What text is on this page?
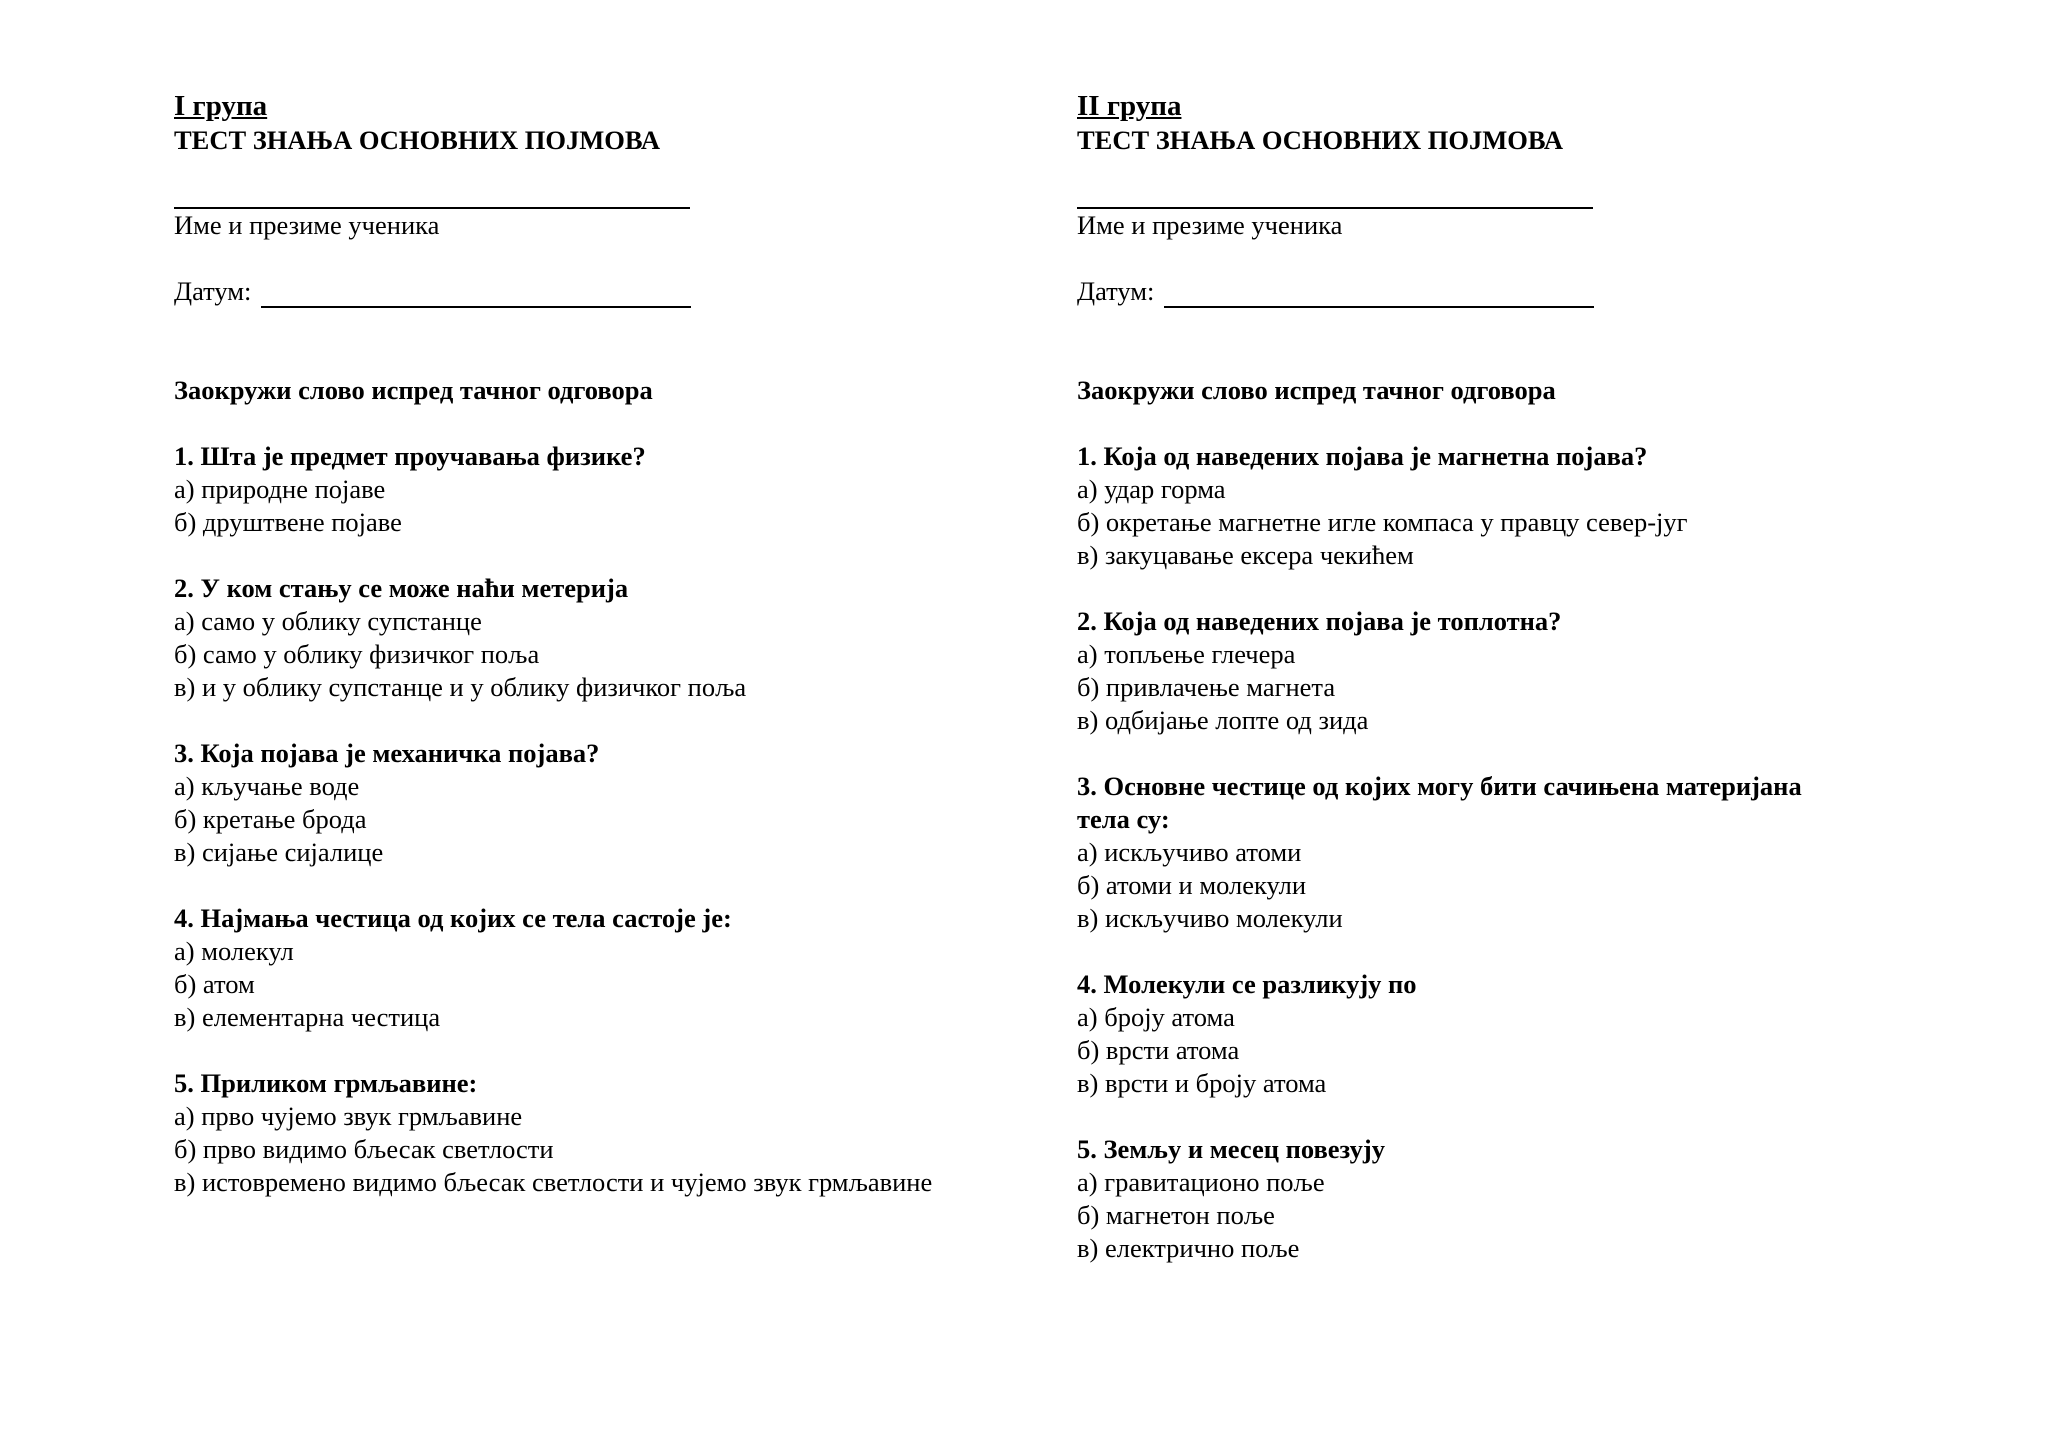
I група

ТЕСТ ЗНАЊА ОСНОВНИХ ПОЈМОВА

Име и презиме ученика

Датум:

Заокружи слово испред тачног одговора

1. Шта је предмет проучавања физике?

а) природне појаве

б) друштвене појаве

2. У ком стању се може наћи метерија

а) само у облику супстанце

б) само у облику физичког поља

в) и у облику супстанце и у облику физичког поља

3. Која појава је механичка појава?

а) кључање воде

б) кретање брода

в) сијање сијалице

4. Најмања честица од којих се тела састоје је:

а) молекул

б) атом

в) елементарна честица

5. Приликом грмљавине:

а) прво чујемо звук грмљавине

б) прво видимо бљесак светлости

в) истовремено видимо бљесак светлости и чујемо звук грмљавине

II група

ТЕСТ ЗНАЊА ОСНОВНИХ ПОЈМОВА

Име и презиме ученика

Датум:

Заокружи слово испред тачног одговора

1. Која од наведених појава је магнетна појава?

а) удар горма

б) окретање магнетне игле компаса у правцу север-југ

в) закуцавање ексера чекићем

2. Која од наведених појава је топлотна?

а) топљење глечера

б) привлачење магнета

в) одбијање лопте од зида

3. Основне честице од којих могу бити сачињена материјана тела су:

а) искључиво атоми

б) атоми и молекули

в) искључиво молекули

4. Молекули се разликују по

а) броју атома

б) врсти атома

в) врсти и броју атома

5. Земљу и месец повезују

а) гравитационо поље

б) магнетон поље

в) електрично поље
